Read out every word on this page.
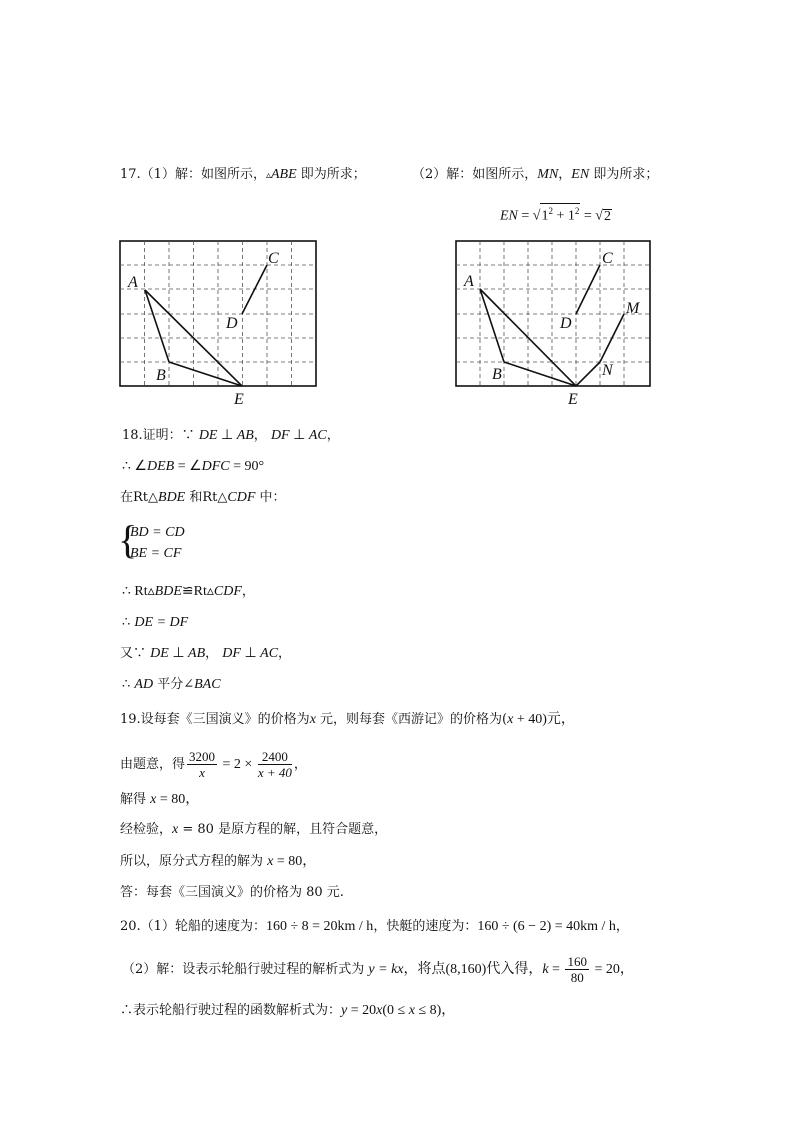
17.（1）解：如图所示，▵ABE 即为所求；	（2）解：如图所示，MN，EN 即为所求；
EN = $√1^2 + 1^2 = √2$
A
B
C
D
E
A
B
C
D
E
M
N
18.证明：∵ DE ⊥ AB， DF ⊥ AC，
∴ ∠DEB = ∠DFC = 90°
在Rt△BDE 和Rt△CDF 中：
{
BD = CD
BE = CF
∴ Rt▵BDE≌Rt▵CDF，
∴ DE = DF
又∵ DE ⊥ AB， DF ⊥ AC，
∴ AD 平分∠BAC
19.设每套《三国演义》的价格为x 元，则每套《西游记》的价格为(x + 40)元，
由题意，得 $\frac{3200}{x} = 2 \times \frac{2400}{x + 40}$ ，
解得 x = 80，
经检验，x = 80 是原方程的解，且符合题意，
所以，原分式方程的解为 x = 80，
答：每套《三国演义》的价格为 80 元.
20.（1）轮船的速度为：160 ÷ 8 = 20km / h，快艇的速度为：160 ÷ (6 − 2) = 40km / h，
（2）解：设表示轮船行驶过程的解析式为 y = kx，将点(8,160)代入得，$k = \frac{160}{80} = 20$，
∴表示轮船行驶过程的函数解析式为：y = 20x(0 ≤ x ≤ 8)，
